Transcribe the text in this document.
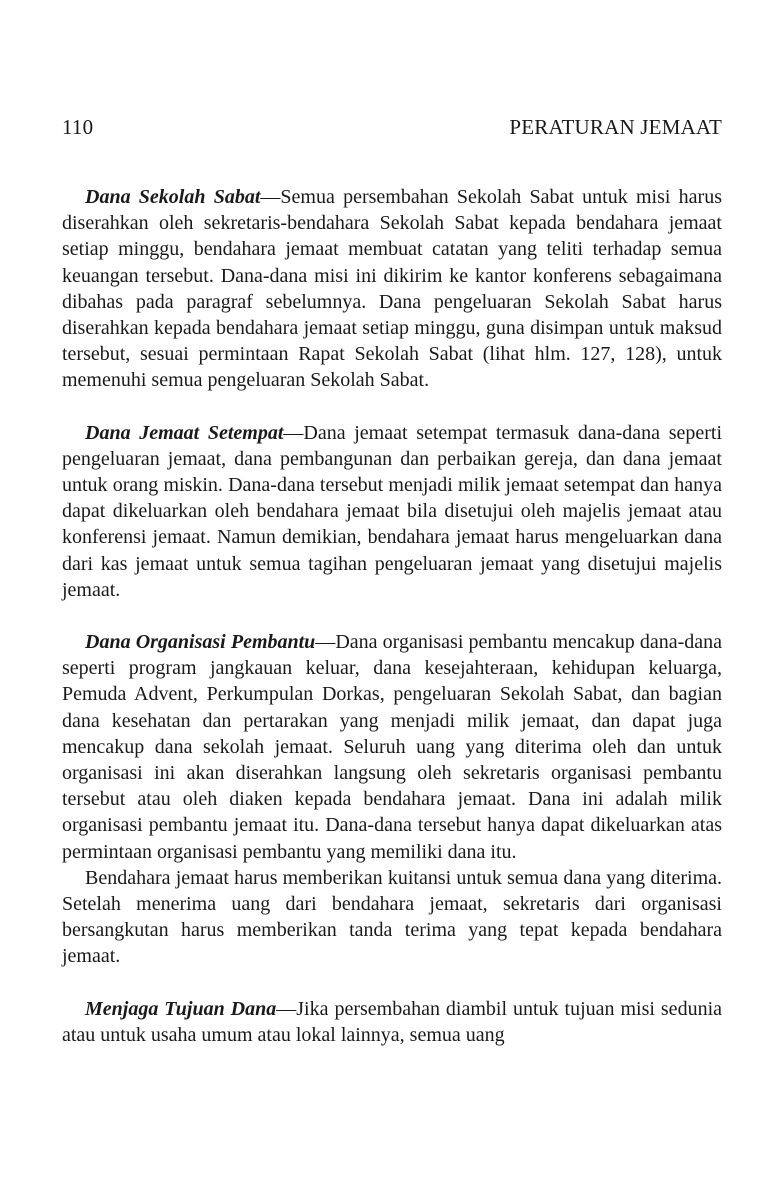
110	PERATURAN JEMAAT

Dana Sekolah Sabat—Semua persembahan Sekolah Sabat untuk misi harus diserahkan oleh sekretaris-bendahara Sekolah Sabat kepada bendahara jemaat setiap minggu, bendahara jemaat membuat catatan yang teliti terhadap semua keuangan tersebut. Dana-dana misi ini dikirim ke kantor konferens sebagaimana dibahas pada paragraf sebelumnya. Dana pengeluaran Sekolah Sabat harus diserahkan kepada bendahara jemaat setiap minggu, guna disimpan untuk maksud tersebut, sesuai permintaan Rapat Sekolah Sabat (lihat hlm. 127, 128), untuk memenuhi semua pengeluaran Sekolah Sabat.

Dana Jemaat Setempat—Dana jemaat setempat termasuk dana-dana seperti pengeluaran jemaat, dana pembangunan dan perbaikan gereja, dan dana jemaat untuk orang miskin. Dana-dana tersebut menjadi milik jemaat setempat dan hanya dapat dikeluarkan oleh bendahara jemaat bila disetujui oleh majelis jemaat atau konferensi jemaat. Namun demikian, bendahara jemaat harus mengeluarkan dana dari kas jemaat untuk semua tagihan pengeluaran jemaat yang disetujui majelis jemaat.

Dana Organisasi Pembantu—Dana organisasi pembantu mencakup dana-dana seperti program jangkauan keluar, dana kesejahteraan, kehidupan keluarga, Pemuda Advent, Perkumpulan Dorkas, pengeluaran Sekolah Sabat, dan bagian dana kesehatan dan pertarakan yang menjadi milik jemaat, dan dapat juga mencakup dana sekolah jemaat. Seluruh uang yang diterima oleh dan untuk organisasi ini akan diserahkan langsung oleh sekretaris organisasi pembantu tersebut atau oleh diaken kepada bendahara jemaat. Dana ini adalah milik organisasi pembantu jemaat itu. Dana-dana tersebut hanya dapat dikeluarkan atas permintaan organisasi pembantu yang memiliki dana itu.

Bendahara jemaat harus memberikan kuitansi untuk semua dana yang diterima. Setelah menerima uang dari bendahara jemaat, sekretaris dari organisasi bersangkutan harus memberikan tanda terima yang tepat kepada bendahara jemaat.

Menjaga Tujuan Dana—Jika persembahan diambil untuk tujuan misi sedunia atau untuk usaha umum atau lokal lainnya, semua uang
